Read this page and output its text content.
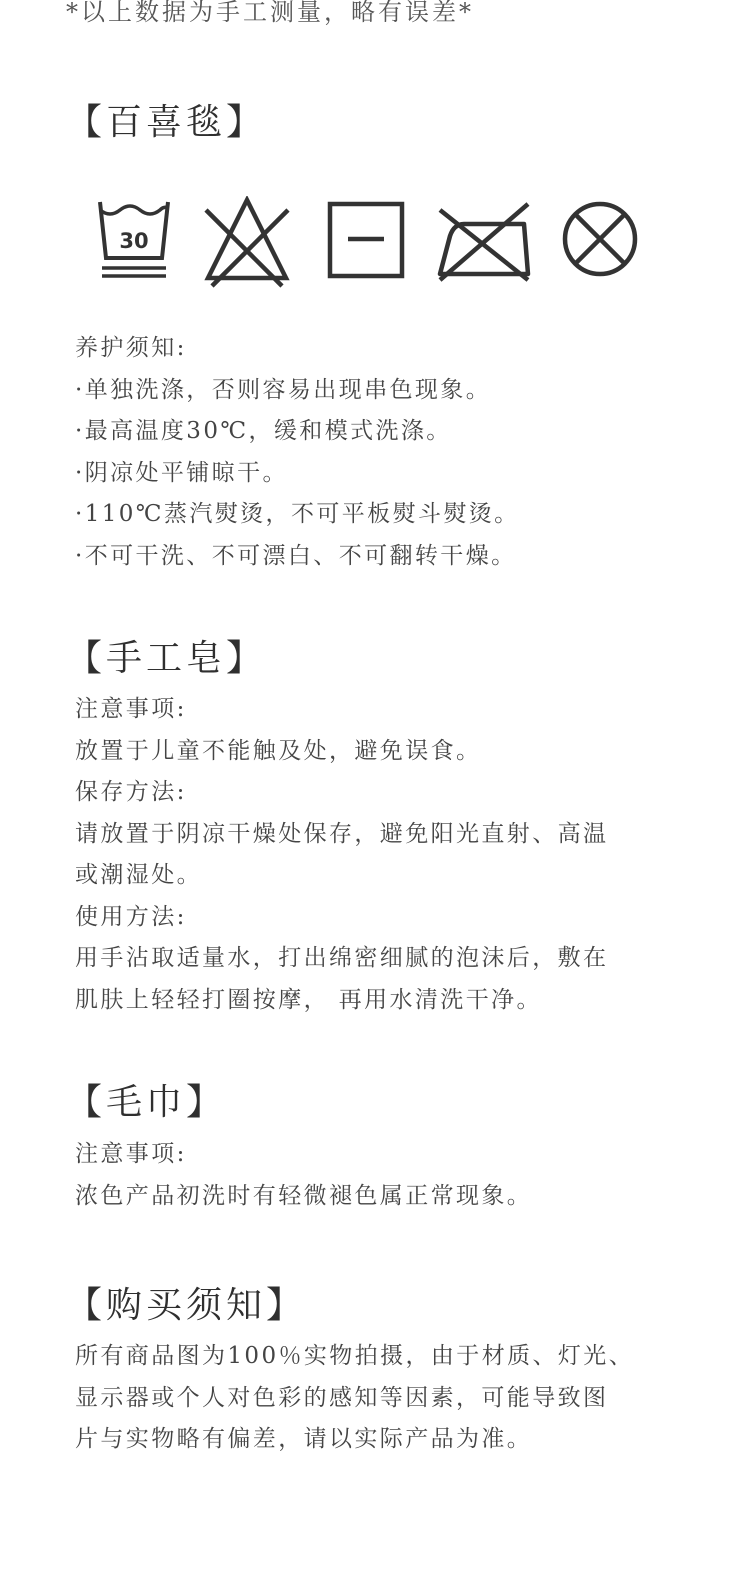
*以上数据为手工测量，略有误差*
【百喜毯】
30
养护须知:
·单独洗涤，否则容易出现串色现象。
·最高温度30℃，缓和模式洗涤。
·阴凉处平铺晾干。
·110℃蒸汽熨烫，不可平板熨斗熨烫。
·不可干洗、不可漂白、不可翻转干燥。
【手工皂】
注意事项:
放置于儿童不能触及处，避免误食。
保存方法:
请放置于阴凉干燥处保存，避免阳光直射、高温
或潮湿处。
使用方法:
用手沾取适量水，打出绵密细腻的泡沫后，敷在
肌肤上轻轻打圈按摩， 再用水清洗干净。
【毛巾】
注意事项:
浓色产品初洗时有轻微褪色属正常现象。
【购买须知】
所有商品图为100％实物拍摄，由于材质、灯光、
显示器或个人对色彩的感知等因素，可能导致图
片与实物略有偏差，请以实际产品为准。
